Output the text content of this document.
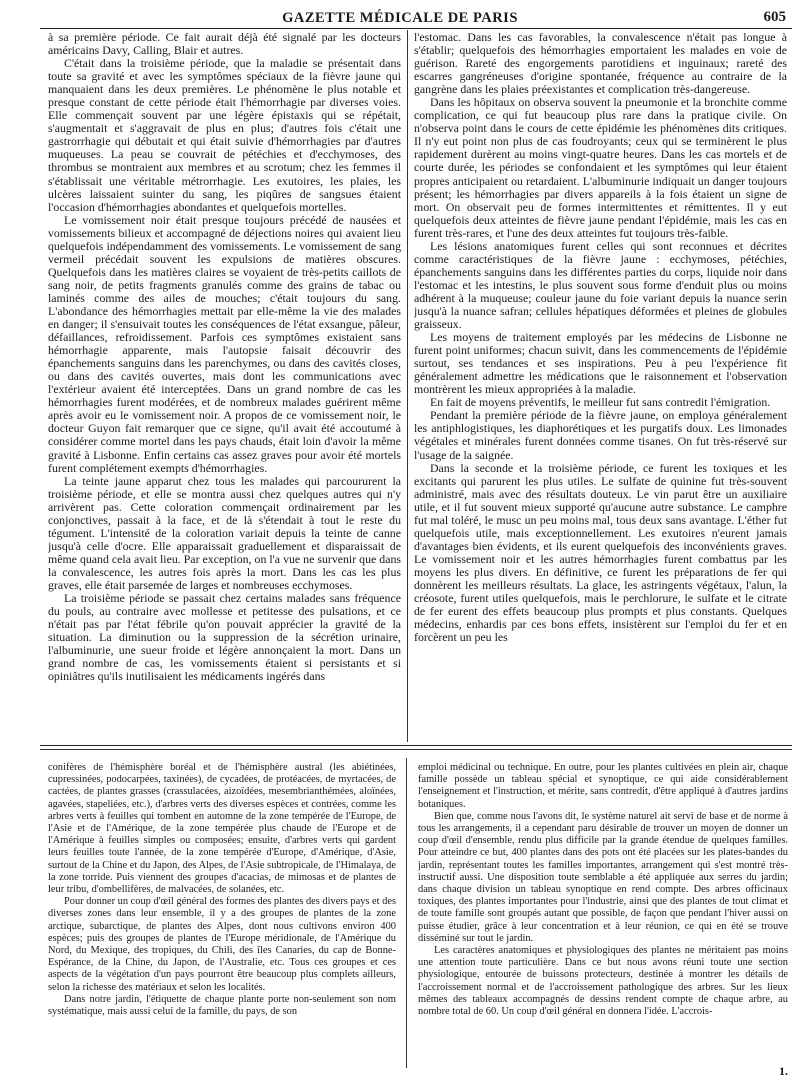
GAZETTE MÉDICALE DE PARIS	605

à sa première période. Ce fait aurait déjà été signalé par les docteurs américains Davy, Calling, Blair et autres.

C'était dans la troisième période, que la maladie se présentait dans toute sa gravité et avec les symptômes spéciaux de la fièvre jaune qui manquaient dans les deux premières. Le phénomène le plus notable et presque constant de cette période était l'hémorrhagie par diverses voies. Elle commençait souvent par une légère épistaxis qui se répétait, s'augmentait et s'aggravait de plus en plus; d'autres fois c'était une gastrorrhagie qui débutait et qui était suivie d'hémorrhagies par d'autres muqueuses. La peau se couvrait de pétéchies et d'ecchymoses, des thrombus se montraient aux membres et au scrotum; chez les femmes il s'établissait une véritable métrorrhagie. Les exutoires, les plaies, les ulcères laissaient suinter du sang, les piqûres de sangsues étaient l'occasion d'hémorrhagies abondantes et quelquefois mortelles.

Le vomissement noir était presque toujours précédé de nausées et vomissements bilieux et accompagné de déjections noires qui avaient lieu quelquefois indépendamment des vomissements. Le vomissement de sang vermeil précédait souvent les expulsions de matières obscures. Quelquefois dans les matières claires se voyaient de très-petits caillots de sang noir, de petits fragments granulés comme des grains de tabac ou laminés comme des ailes de mouches; c'était toujours du sang. L'abondance des hémorrhagies mettait par elle-même la vie des malades en danger; il s'ensuivait toutes les conséquences de l'état exsangue, pâleur, défaillances, refroidissement. Parfois ces symptômes existaient sans hémorrhagie apparente, mais l'autopsie faisait découvrir des épanchements sanguins dans les parenchymes, ou dans des cavités closes, ou dans des cavités ouvertes, mais dont les communications avec l'extérieur avaient été interceptées. Dans un grand nombre de cas les hémorrhagies furent modérées, et de nombreux malades guérirent même après avoir eu le vomissement noir. A propos de ce vomissement noir, le docteur Guyon fait remarquer que ce signe, qu'il avait été accoutumé à considérer comme mortel dans les pays chauds, était loin d'avoir la même gravité à Lisbonne. Enfin certains cas assez graves pour avoir été mortels furent complétement exempts d'hémorrhagies.

La teinte jaune apparut chez tous les malades qui parcoururent la troisième période, et elle se montra aussi chez quelques autres qui n'y arrivèrent pas. Cette coloration commençait ordinairement par les conjonctives, passait à la face, et de là s'étendait à tout le reste du tégument. L'intensité de la coloration variait depuis la teinte de canne jusqu'à celle d'ocre. Elle apparaissait graduellement et disparaissait de même quand cela avait lieu. Par exception, on l'a vue ne survenir que dans la convalescence, les autres fois après la mort. Dans les cas les plus graves, elle était parsemée de larges et nombreuses ecchymoses.

La troisième période se passait chez certains malades sans fréquence du pouls, au contraire avec mollesse et petitesse des pulsations, et ce n'était pas par l'état fébrile qu'on pouvait apprécier la gravité de la situation. La diminution ou la suppression de la sécrétion urinaire, l'albuminurie, une sueur froide et légère annonçaient la mort. Dans un grand nombre de cas, les vomissements étaient si persistants et si opiniâtres qu'ils inutilisaient les médicaments ingérés dans

l'estomac. Dans les cas favorables, la convalescence n'était pas longue à s'établir; quelquefois des hémorrhagies emportaient les malades en voie de guérison. Rareté des engorgements parotidiens et inguinaux; rareté des escarres gangréneuses d'origine spontanée, fréquence au contraire de la gangrène dans les plaies préexistantes et complication très-dangereuse.

Dans les hôpitaux on observa souvent la pneumonie et la bronchite comme complication, ce qui fut beaucoup plus rare dans la pratique civile. On n'observa point dans le cours de cette épidémie les phénomènes dits critiques. Il n'y eut point non plus de cas foudroyants; ceux qui se terminèrent le plus rapidement durèrent au moins vingt-quatre heures. Dans les cas mortels et de courte durée, les périodes se confondaient et les symptômes qui leur étaient propres anticipaient ou retardaient. L'albuminurie indiquait un danger toujours présent; les hémorrhagies par divers appareils à la fois étaient un signe de mort. On observait peu de formes intermittentes et rémittentes. Il y eut quelquefois deux atteintes de fièvre jaune pendant l'épidémie, mais les cas en furent très-rares, et l'une des deux atteintes fut toujours très-faible.

Les lésions anatomiques furent celles qui sont reconnues et décrites comme caractéristiques de la fièvre jaune : ecchymoses, pétéchies, épanchements sanguins dans les différentes parties du corps, liquide noir dans l'estomac et les intestins, le plus souvent sous forme d'enduit plus ou moins adhérent à la muqueuse; couleur jaune du foie variant depuis la nuance serin jusqu'à la nuance safran; cellules hépatiques déformées et pleines de globules graisseux.

Les moyens de traitement employés par les médecins de Lisbonne ne furent point uniformes; chacun suivit, dans les commencements de l'épidémie surtout, ses tendances et ses inspirations. Peu à peu l'expérience fit généralement admettre les médications que le raisonnement et l'observation montrèrent les mieux appropriées à la maladie.

En fait de moyens préventifs, le meilleur fut sans contredit l'émigration.

Pendant la première période de la fièvre jaune, on employa généralement les antiphlogistiques, les diaphorétiques et les purgatifs doux. Les limonades végétales et minérales furent données comme tisanes. On fut très-réservé sur l'usage de la saignée.

Dans la seconde et la troisième période, ce furent les toxiques et les excitants qui parurent les plus utiles. Le sulfate de quinine fut très-souvent administré, mais avec des résultats douteux. Le vin parut être un auxiliaire utile, et il fut souvent mieux supporté qu'aucune autre substance. Le camphre fut mal toléré, le musc un peu moins mal, tous deux sans avantage. L'éther fut quelquefois utile, mais exceptionnellement. Les exutoires n'eurent jamais d'avantages bien évidents, et ils eurent quelquefois des inconvénients graves. Le vomissement noir et les autres hémorrhagies furent combattus par les moyens les plus divers. En définitive, ce furent les préparations de fer qui donnèrent les meilleurs résultats. La glace, les astringents végétaux, l'alun, la créosote, furent utiles quelquefois, mais le perchlorure, le sulfate et le citrate de fer eurent des effets beaucoup plus prompts et plus constants. Quelques médecins, enhardis par ces bons effets, insistèrent sur l'emploi du fer et en forcèrent un peu les

conifères de l'hémisphère boréal et de l'hémisphère austral (les abiétinées, cupressinées, podocarpées, taxinées), de cycadées, de protéacées, de myrtacées, de cactées, de plantes grasses (crassulacées, aizoïdées, mesembrianthémées, aloïnées, agavées, stapeliées, etc.), d'arbres verts des diverses espèces et contrées, comme les arbres verts à feuilles qui tombent en automne de la zone tempérée de l'Europe, de l'Asie et de l'Amérique, de la zone tempérée plus chaude de l'Europe et de l'Amérique à feuilles simples ou composées; ensuite, d'arbres verts qui gardent leurs feuilles toute l'année, de la zone tempérée d'Europe, d'Amérique, d'Asie, surtout de la Chine et du Japon, des Alpes, de l'Asie subtropicale, de l'Himalaya, de la zone torride. Puis viennent des groupes d'acacias, de mimosas et de plantes de leur tribu, d'ombellifères, de malvacées, de solanées, etc.

Pour donner un coup d'œil général des formes des plantes des divers pays et des diverses zones dans leur ensemble, il y a des groupes de plantes de la zone arctique, subarctique, de plantes des Alpes, dont nous cultivons environ 400 espèces; puis des groupes de plantes de l'Europe méridionale, de l'Amérique du Nord, du Mexique, des tropiques, du Chili, des îles Canaries, du cap de Bonne-Espérance, de la Chine, du Japon, de l'Australie, etc. Tous ces groupes et ces aspects de la végétation d'un pays pourront être beaucoup plus complets ailleurs, selon la richesse des matériaux et selon les localités.

Dans notre jardin, l'étiquette de chaque plante porte non-seulement son nom systématique, mais aussi celui de la famille, du pays, de son

emploi médicinal ou technique. En outre, pour les plantes cultivées en plein air, chaque famille possède un tableau spécial et synoptique, ce qui aide considérablement l'enseignement et l'instruction, et mérite, sans contredit, d'être appliqué à d'autres jardins botaniques.

Bien que, comme nous l'avons dit, le système naturel ait servi de base et de norme à tous les arrangements, il a cependant paru désirable de trouver un moyen de donner un coup d'œil d'ensemble, rendu plus difficile par la grande étendue de quelques familles. Pour atteindre ce but, 400 plantes dans des pots ont été placées sur les plates-bandes du jardin, représentant toutes les familles importantes, arrangement qui s'est montré très-instructif aussi. Une disposition toute semblable a été appliquée aux serres du jardin; dans chaque division un tableau synoptique en rend compte. Des arbres officinaux toxiques, des plantes importantes pour l'industrie, ainsi que des plantes de tout climat et de toute famille sont groupés autant que possible, de façon que pendant l'hiver aussi on puisse étudier, grâce à leur concentration et à leur réunion, ce qui en été se trouve disséminé sur tout le jardin.

Les caractères anatomiques et physiologiques des plantes ne méritaient pas moins une attention toute particulière. Dans ce but nous avons réuni toute une section physiologique, entourée de buissons protecteurs, destinée à montrer les détails de l'accroissement normal et de l'accroissement pathologique des arbres. Sur les lieux mêmes des tableaux accompagnés de dessins rendent compte de chaque arbre, au nombre total de 60. Un coup d'œil général en donnera l'idée. L'accrois-

1.
